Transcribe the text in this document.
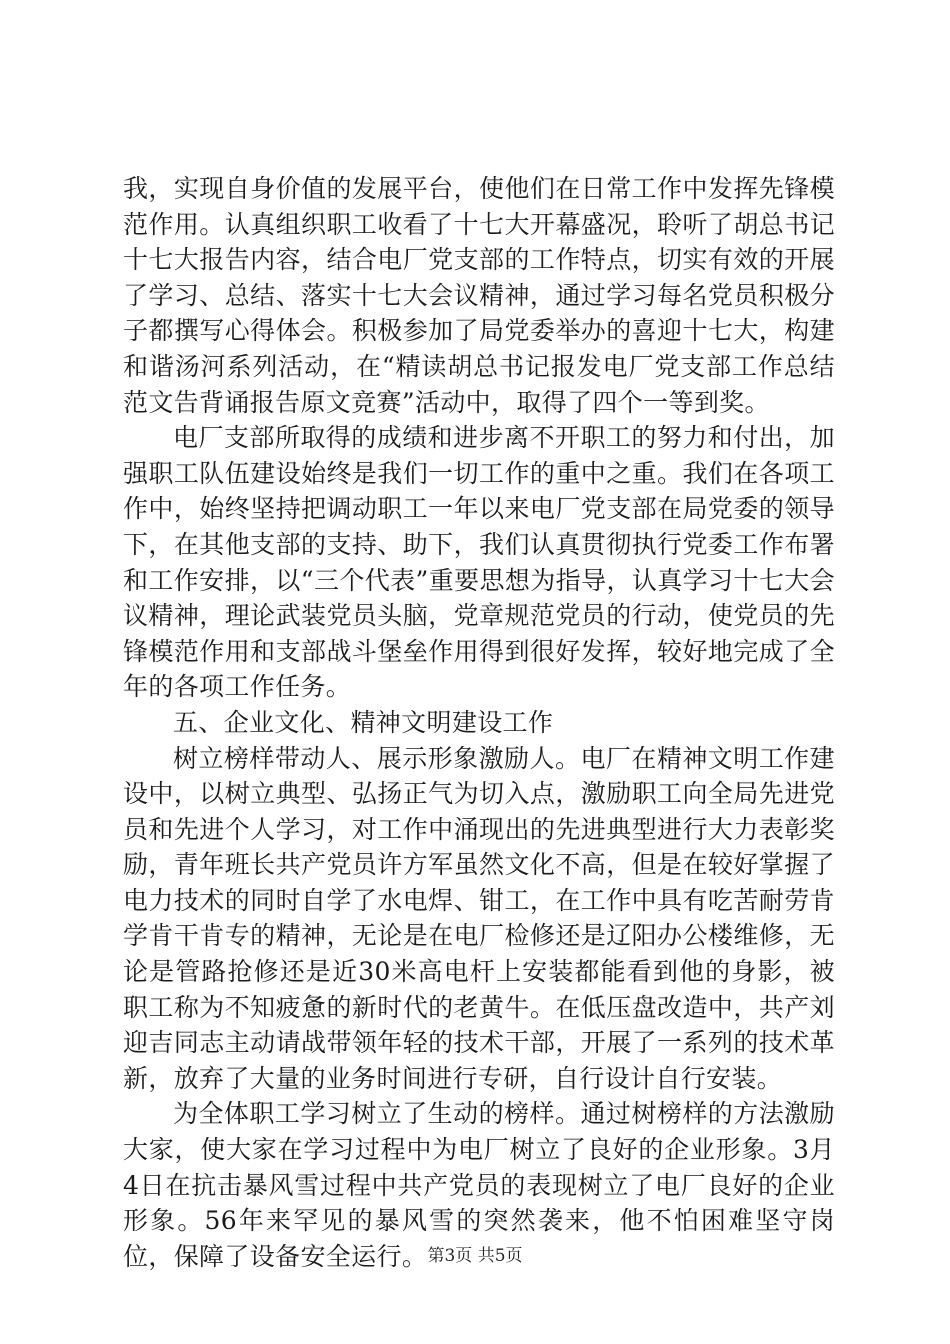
我，实现自身价值的发展平台，使他们在日常工作中发挥先锋模范作用。认真组织职工收看了十七大开幕盛况，聆听了胡总书记十七大报告内容，结合电厂党支部的工作特点，切实有效的开展了学习、总结、落实十七大会议精神，通过学习每名党员积极分子都撰写心得体会。积极参加了局党委举办的喜迎十七大，构建和谐汤河系列活动，在“精读胡总书记报发电厂党支部工作总结范文告背诵报告原文竞赛”活动中，取得了四个一等到奖。

电厂支部所取得的成绩和进步离不开职工的努力和付出，加强职工队伍建设始终是我们一切工作的重中之重。我们在各项工作中，始终坚持把调动职工一年以来电厂党支部在局党委的领导下，在其他支部的支持、助下，我们认真贯彻执行党委工作布署和工作安排，以“三个代表”重要思想为指导，认真学习十七大会议精神，理论武装党员头脑，党章规范党员的行动，使党员的先锋模范作用和支部战斗堡垒作用得到很好发挥，较好地完成了全年的各项工作任务。

五、企业文化、精神文明建设工作

树立榜样带动人、展示形象激励人。电厂在精神文明工作建设中，以树立典型、弘扬正气为切入点，激励职工向全局先进党员和先进个人学习，对工作中涌现出的先进典型进行大力表彰奖励，青年班长共产党员许方军虽然文化不高，但是在较好掌握了电力技术的同时自学了水电焊、钳工，在工作中具有吃苦耐劳肯学肯干肯专的精神，无论是在电厂检修还是辽阳办公楼维修，无论是管路抢修还是近30米高电杆上安装都能看到他的身影，被职工称为不知疲惫的新时代的老黄牛。在低压盘改造中，共产刘迎吉同志主动请战带领年轻的技术干部，开展了一系列的技术革新，放弃了大量的业务时间进行专研，自行设计自行安装。

为全体职工学习树立了生动的榜样。通过树榜样的方法激励大家，使大家在学习过程中为电厂树立了良好的企业形象。3月4日在抗击暴风雪过程中共产党员的表现树立了电厂良好的企业形象。56年来罕见的暴风雪的突然袭来，他不怕困难坚守岗位，保障了设备安全运行。 第3页 共5页
